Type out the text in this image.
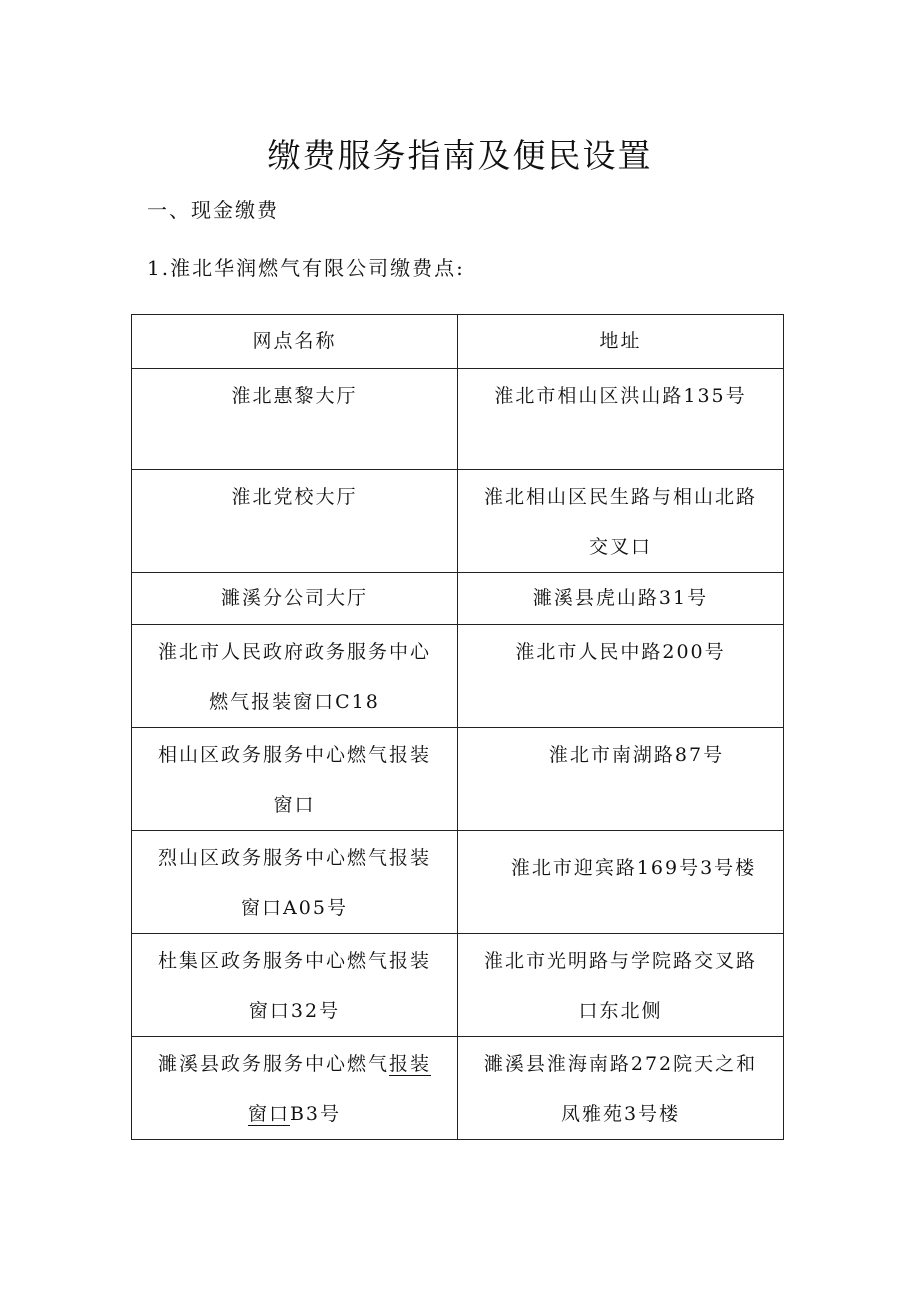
缴费服务指南及便民设置
一、现金缴费
1.淮北华润燃气有限公司缴费点:
网点名称	地址

淮北惠黎大厅	淮北市相山区洪山路135号

淮北党校大厅	淮北相山区民生路与相山北路交叉口

濉溪分公司大厅	濉溪县虎山路31号

淮北市人民政府政务服务中心燃气报装窗口C18	淮北市人民中路200号

相山区政务服务中心燃气报装窗口	淮北市南湖路87号

烈山区政务服务中心燃气报装窗口A05号	淮北市迎宾路169号3号楼

杜集区政务服务中心燃气报装窗口32号	淮北市光明路与学院路交叉路口东北侧

濉溪县政务服务中心燃气报装窗口B3号	濉溪县淮海南路272院天之和凤雅苑3号楼
